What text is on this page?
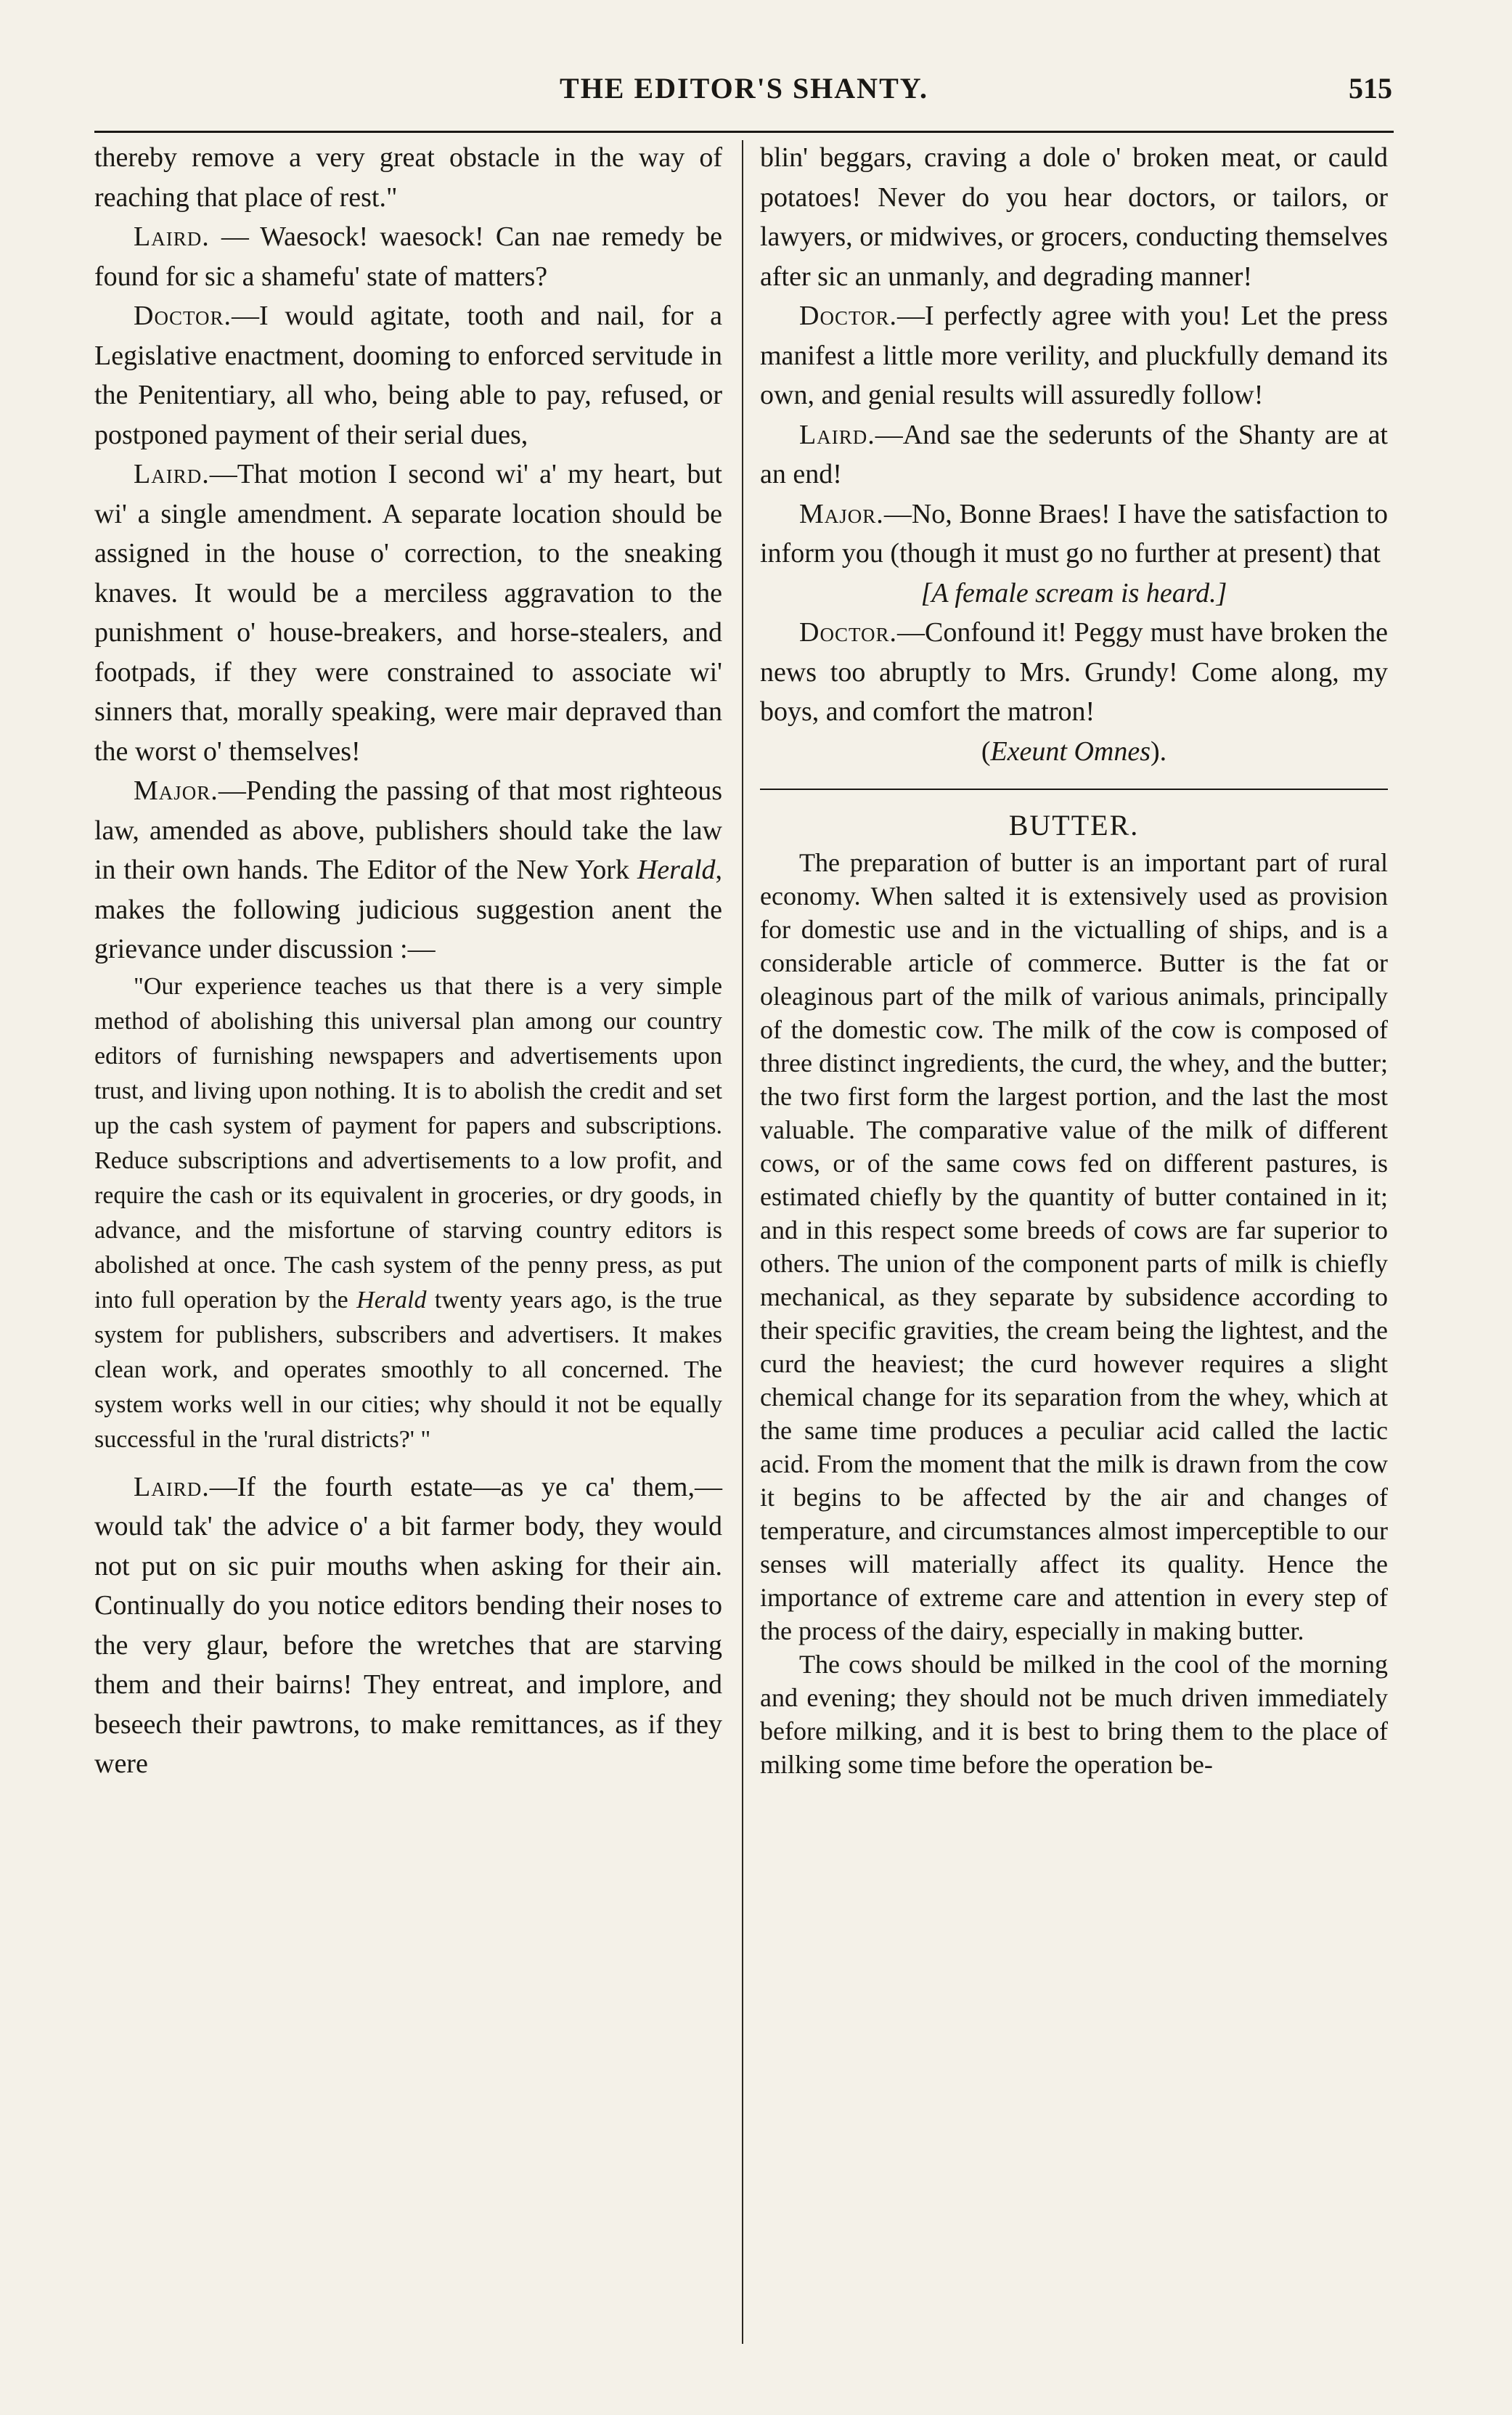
THE EDITOR'S SHANTY.	515

thereby remove a very great obstacle in the way of reaching that place of rest."

Laird. — Waesock! waesock! Can nae remedy be found for sic a shamefu' state of matters?

Doctor.—I would agitate, tooth and nail, for a Legislative enactment, dooming to enforced servitude in the Penitentiary, all who, being able to pay, refused, or postponed payment of their serial dues,

Laird.—That motion I second wi' a' my heart, but wi' a single amendment. A separate location should be assigned in the house o' correction, to the sneaking knaves. It would be a merciless aggravation to the punishment o' house-breakers, and horse-stealers, and footpads, if they were constrained to associate wi' sinners that, morally speaking, were mair depraved than the worst o' themselves!

Major.—Pending the passing of that most righteous law, amended as above, publishers should take the law in their own hands. The Editor of the New York Herald, makes the following judicious suggestion anent the grievance under discussion :—

"Our experience teaches us that there is a very simple method of abolishing this universal plan among our country editors of furnishing newspapers and advertisements upon trust, and living upon nothing. It is to abolish the credit and set up the cash system of payment for papers and subscriptions. Reduce subscriptions and advertisements to a low profit, and require the cash or its equivalent in groceries, or dry goods, in advance, and the misfortune of starving country editors is abolished at once. The cash system of the penny press, as put into full operation by the Herald twenty years ago, is the true system for publishers, subscribers and advertisers. It makes clean work, and operates smoothly to all concerned. The system works well in our cities; why should it not be equally successful in the 'rural districts?' "

Laird.—If the fourth estate—as ye ca' them,—would tak' the advice o' a bit farmer body, they would not put on sic puir mouths when asking for their ain. Continually do you notice editors bending their noses to the very glaur, before the wretches that are starving them and their bairns! They entreat, and implore, and beseech their pawtrons, to make remittances, as if they were

blin' beggars, craving a dole o' broken meat, or cauld potatoes! Never do you hear doctors, or tailors, or lawyers, or midwives, or grocers, conducting themselves after sic an unmanly, and degrading manner!

Doctor.—I perfectly agree with you! Let the press manifest a little more verility, and pluckfully demand its own, and genial results will assuredly follow!

Laird.—And sae the sederunts of the Shanty are at an end!

Major.—No, Bonne Braes! I have the satisfaction to inform you (though it must go no further at present) that

[A female scream is heard.]

Doctor.—Confound it! Peggy must have broken the news too abruptly to Mrs. Grundy! Come along, my boys, and comfort the matron!

(Exeunt Omnes).

BUTTER.

The preparation of butter is an important part of rural economy. When salted it is extensively used as provision for domestic use and in the victualling of ships, and is a considerable article of commerce. Butter is the fat or oleaginous part of the milk of various animals, principally of the domestic cow. The milk of the cow is composed of three distinct ingredients, the curd, the whey, and the butter; the two first form the largest portion, and the last the most valuable. The comparative value of the milk of different cows, or of the same cows fed on different pastures, is estimated chiefly by the quantity of butter contained in it; and in this respect some breeds of cows are far superior to others. The union of the component parts of milk is chiefly mechanical, as they separate by subsidence according to their specific gravities, the cream being the lightest, and the curd the heaviest; the curd however requires a slight chemical change for its separation from the whey, which at the same time produces a peculiar acid called the lactic acid. From the moment that the milk is drawn from the cow it begins to be affected by the air and changes of temperature, and circumstances almost imperceptible to our senses will materially affect its quality. Hence the importance of extreme care and attention in every step of the process of the dairy, especially in making butter.

The cows should be milked in the cool of the morning and evening; they should not be much driven immediately before milking, and it is best to bring them to the place of milking some time before the operation be-
